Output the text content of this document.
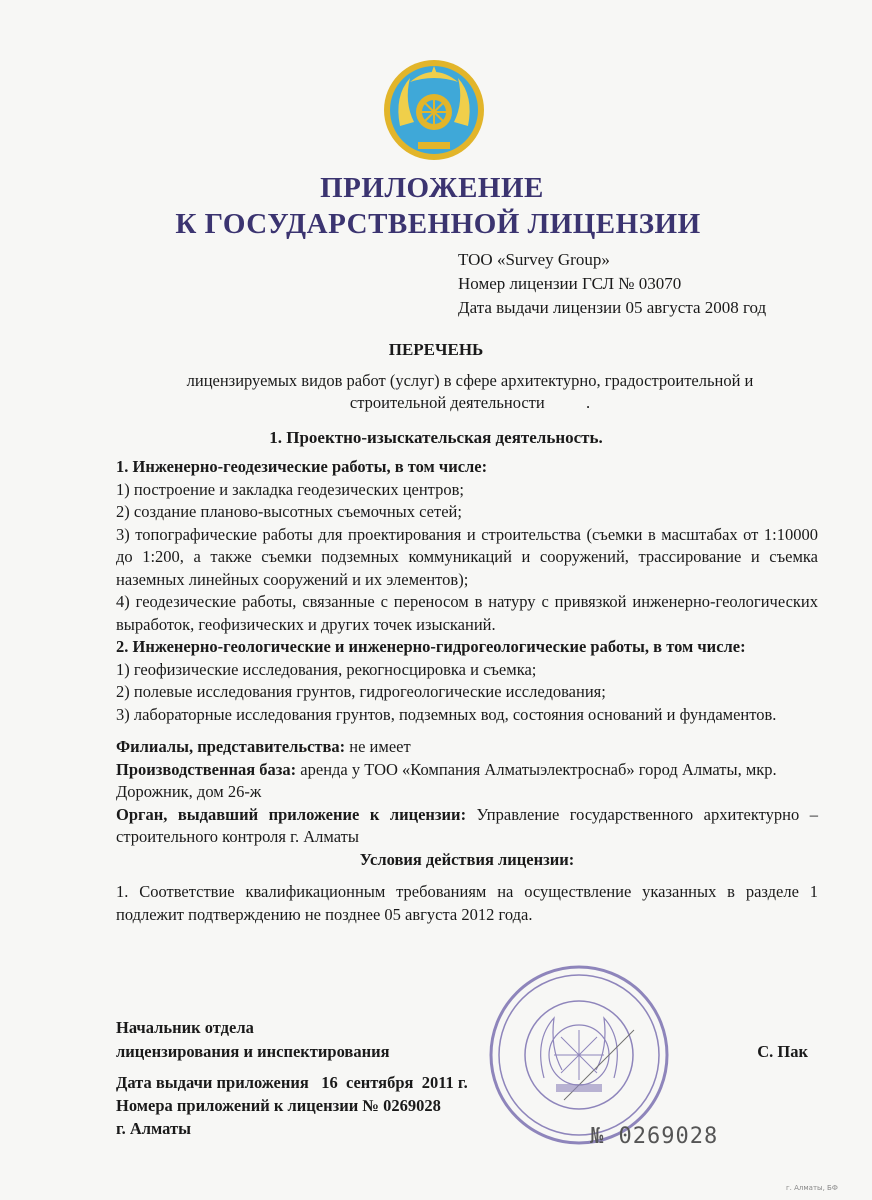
ПРИЛОЖЕНИЕ
К ГОСУДАРСТВЕННОЙ ЛИЦЕНЗИИ
ТОО «Survey Group»
Номер лицензии ГСЛ № 03070
Дата выдачи лицензии 05 августа 2008 год
ПЕРЕЧЕНЬ
лицензируемых видов работ (услуг) в сфере архитектурно, градостроительной и
строительной деятельности          .
1. Проектно-изыскательская деятельность.

1. Инженерно-геодезические работы, в том числе:

1) построение и закладка геодезических центров;

2) создание планово-высотных съемочных сетей;

3) топографические работы для проектирования и строительства (съемки в масштабах от 1:10000 до 1:200, а также съемки подземных коммуникаций и сооружений, трассирование и съемка наземных линейных сооружений и их элементов);

4) геодезические работы, связанные с переносом в натуру с привязкой инженерно-геологических выработок, геофизических и других точек изысканий.

2. Инженерно-геологические и инженерно-гидрогеологические работы, в том числе:

1) геофизические исследования, рекогносцировка и съемка;

2) полевые исследования грунтов, гидрогеологические исследования;

3) лабораторные исследования грунтов, подземных вод, состояния оснований и фундаментов.

Филиалы, представительства: не имеет

Производственная база: аренда у ТОО «Компания Алматыэлектроснаб» город Алматы, мкр. Дорожник, дом 26-ж

Орган, выдавший приложение к лицензии: Управление государственного архитектурно – строительного контроля г. Алматы

Условия действия лицензии:

1. Соответствие квалификационным требованиям на осуществление указанных в разделе 1 подлежит подтверждению не позднее 05 августа 2012 года.

Начальник отдела
лицензирования и инспектирования	С. Пак
Дата выдачи приложения   16  сентября  2011 г.
Номера приложений к лицензии № 0269028
г. Алматы	№ 0269028
г. Алматы, БФ
